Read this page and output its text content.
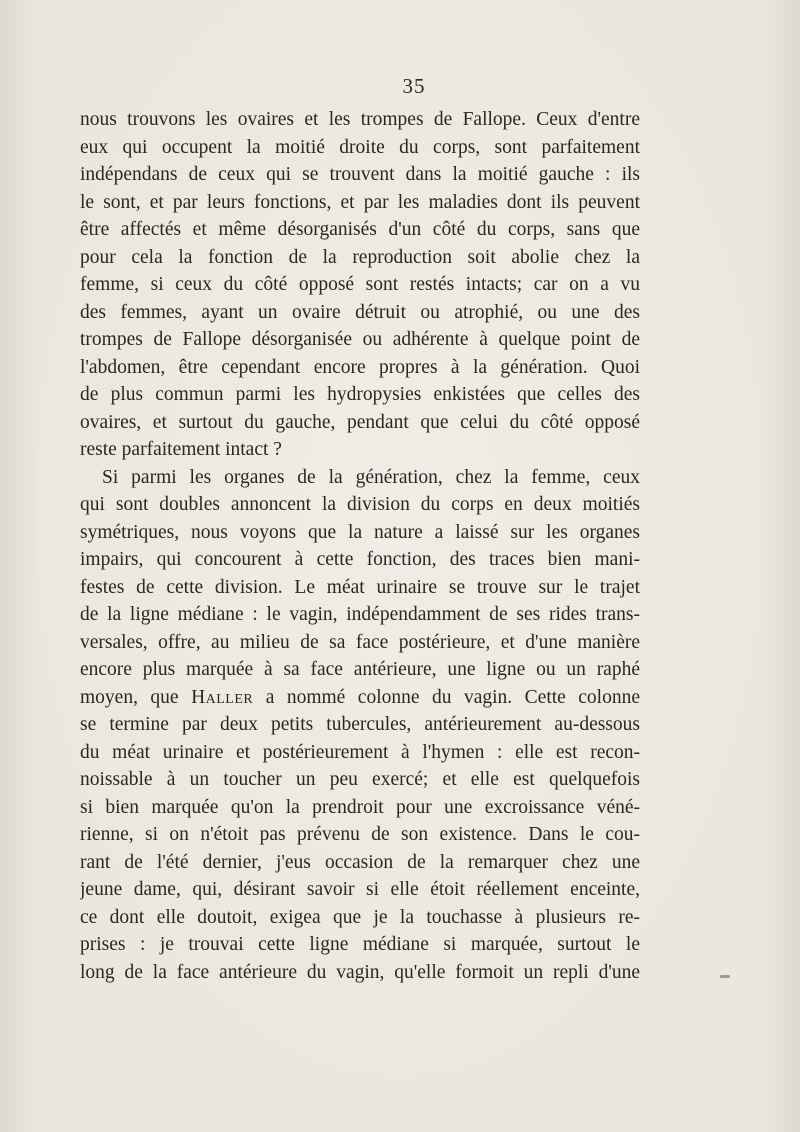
35
nous trouvons les ovaires et les trompes de Fallope. Ceux d'entre
eux qui occupent la moitié droite du corps, sont parfaitement
indépendans de ceux qui se trouvent dans la moitié gauche : ils
le sont, et par leurs fonctions, et par les maladies dont ils peuvent
être affectés et même désorganisés d'un côté du corps, sans que
pour cela la fonction de la reproduction soit abolie chez la
femme, si ceux du côté opposé sont restés intacts; car on a vu
des femmes, ayant un ovaire détruit ou atrophié, ou une des
trompes de Fallope désorganisée ou adhérente à quelque point de
l'abdomen, être cependant encore propres à la génération. Quoi
de plus commun parmi les hydropysies enkistées que celles des
ovaires, et surtout du gauche, pendant que celui du côté opposé
reste parfaitement intact ?
Si parmi les organes de la génération, chez la femme, ceux
qui sont doubles annoncent la division du corps en deux moitiés
symétriques, nous voyons que la nature a laissé sur les organes
impairs, qui concourent à cette fonction, des traces bien mani-
festes de cette division. Le méat urinaire se trouve sur le trajet
de la ligne médiane : le vagin, indépendamment de ses rides trans-
versales, offre, au milieu de sa face postérieure, et d'une manière
encore plus marquée à sa face antérieure, une ligne ou un raphé
moyen, que Haller a nommé colonne du vagin. Cette colonne
se termine par deux petits tubercules, antérieurement au-dessous
du méat urinaire et postérieurement à l'hymen : elle est recon-
noissable à un toucher un peu exercé; et elle est quelquefois
si bien marquée qu'on la prendroit pour une excroissance véné-
rienne, si on n'étoit pas prévenu de son existence. Dans le cou-
rant de l'été dernier, j'eus occasion de la remarquer chez une
jeune dame, qui, désirant savoir si elle étoit réellement enceinte,
ce dont elle doutoit, exigea que je la touchasse à plusieurs re-
prises : je trouvai cette ligne médiane si marquée, surtout le
long de la face antérieure du vagin, qu'elle formoit un repli d'une
